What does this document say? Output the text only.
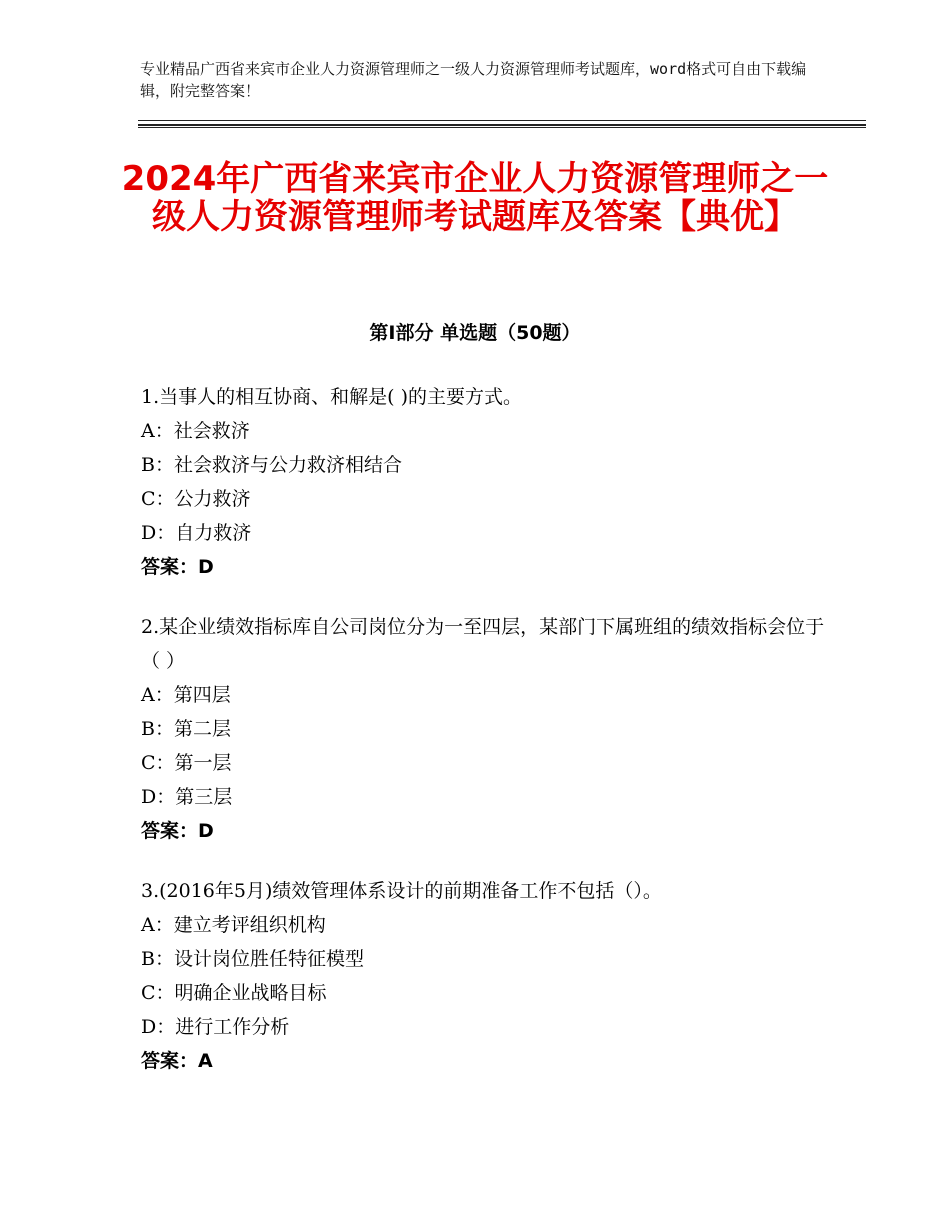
专业精品广西省来宾市企业人力资源管理师之一级人力资源管理师考试题库，word格式可自由下载编辑，附完整答案！
2024年广西省来宾市企业人力资源管理师之一级人力资源管理师考试题库及答案【典优】
第Ⅰ部分 单选题（50题）
1.当事人的相互协商、和解是( )的主要方式。
A：社会救济
B：社会救济与公力救济相结合
C：公力救济
D：自力救济
答案：D
2.某企业绩效指标库自公司岗位分为一至四层，某部门下属班组的绩效指标会位于（ ）
A：第四层
B：第二层
C：第一层
D：第三层
答案：D
3.(2016年5月)绩效管理体系设计的前期准备工作不包括（）。
A：建立考评组织机构
B：设计岗位胜任特征模型
C：明确企业战略目标
D：进行工作分析
答案：A
